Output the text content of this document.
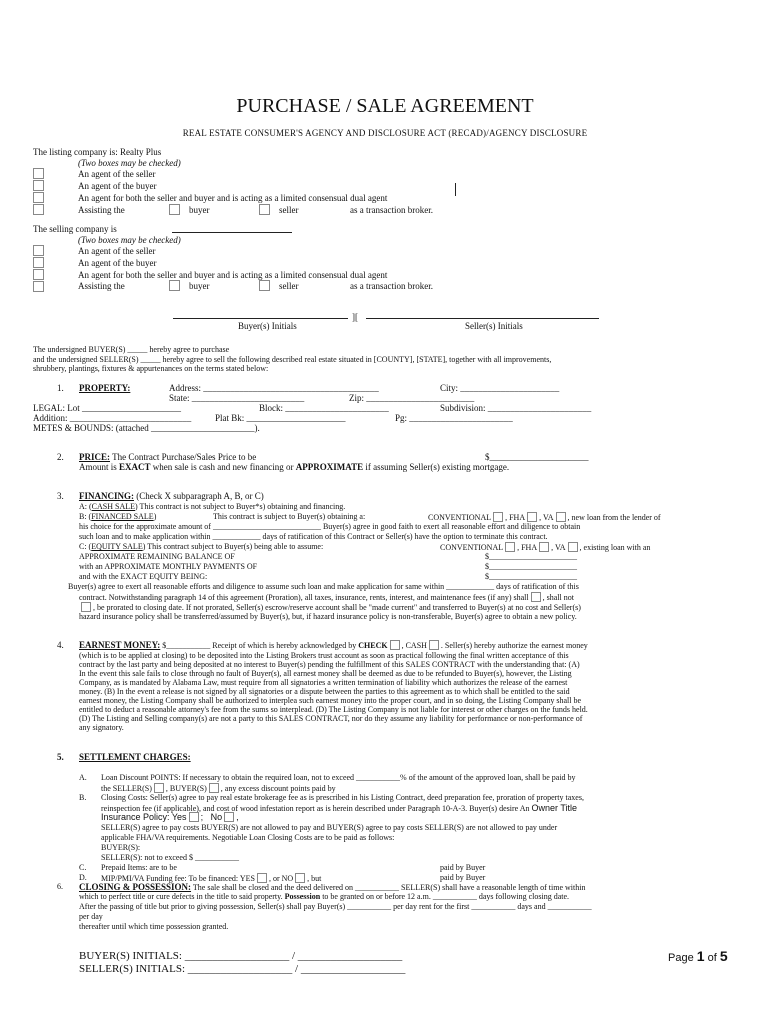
PURCHASE / SALE AGREEMENT
REAL ESTATE CONSUMER'S AGENCY AND DISCLOSURE ACT (RECAD)/AGENCY DISCLOSURE
The listing company is: Realty Plus
(Two boxes may be checked)
An agent of the seller
An agent of the buyer
An agent for both the seller and buyer and is acting as a limited consensual dual agent
Assisting the	buyer	seller	as a transaction broker.
The selling company is
(Two boxes may be checked)
An agent of the seller
An agent of the buyer
An agent for both the seller and buyer and is acting as a limited consensual dual agent
Assisting the	buyer	seller	as a transaction broker.
][
Buyer(s) Initials	Seller(s) Initials
The undersigned BUYER(S) _____ hereby agree to purchase
and the undersigned SELLER(S) _____ hereby agree to sell the following described real estate situated in [COUNTY], [STATE], together with all improvements,
shrubbery, plantings, fixtures & appurtenances on the terms stated below:
1. PROPERTY:	Address: _______________________________________	City: ______________________
State: _________________________	Zip: ________________________
LEGAL: Lot ______________________	Block: _______________________	Subdivision: _______________________
Addition: ___________________________	Plat Bk: ______________________	Pg: _______________________
METES & BOUNDS: (attached _______________________).
2. PRICE: The Contract Purchase/Sales Price to be	$______________________
Amount is EXACT when sale is cash and new financing or APPROXIMATE if assuming Seller(s) existing mortgage.
3. FINANCING: (Check X subparagraph A, B, or C)
A: (CASH SALE) This contract is not subject to Buyer*s) obtaining and financing.
B: (FINANCED SALE)	This contract is subject to Buyer(s) obtaining a:	CONVENTIONAL , FHA , VA , new loan from the lender of
his choice for the approximate amount of ___________________________ Buyer(s) agree in good faith to exert all reasonable effort and diligence to obtain
such loan and to make application within ____________ days of ratification of this Contract or Seller(s) have the option to terminate this contract.
C: (EQUITY SALE) This contract subject to Buyer(s) being able to assume:	CONVENTIONAL , FHA , VA , existing loan with an
APPROXIMATE REMAINING BALANCE OF	$______________________
with an APPROXIMATE MONTHLY PAYMENTS OF	$______________________
and with the EXACT EQUITY BEING:	$______________________
Buyer(s) agree to exert all reasonable efforts and diligence to assume such loan and make application for same within ____________ days of ratification of this
contract. Notwithstanding paragraph 14 of this agreement (Proration), all taxes, insurance, rents, interest, and maintenance fees (if any) shall , shall not
, be prorated to closing date. If not prorated, Seller(s) escrow/reserve account shall be "made current" and transferred to Buyer(s) at no cost and Seller(s)
hazard insurance policy shall be transferred/assumed by Buyer(s), but, if hazard insurance policy is non-transferable, Buyer(s) agree to obtain a new policy.
4. EARNEST MONEY: $___________ Receipt of which is hereby acknowledged by CHECK , CASH . Seller(s) hereby authorize the earnest money
(which is to be applied at closing) to be deposited into the Listing Brokers trust account as soon as practical following the final written acceptance of this
contract by the last party and being deposited at no interest to Buyer(s) pending the fulfillment of this SALES CONTRACT with the understanding that: (A)
In the event this sale fails to close through no fault of Buyer(s), all earnest money shall be deemed as due to be refunded to Buyer(s), however, the Listing
Company, as is mandated by Alabama Law, must require from all signatories a written termination of liability which authorizes the release of the earnest
money. (B) In the event a release is not signed by all signatories or a dispute between the parties to this agreement as to which shall be entitled to the said
earnest money, the Listing Company shall be authorized to interplea such earnest money into the proper court, and in so doing, the Listing Company shall be
entitled to deduct a reasonable attorney's fee from the sums so interplead. (D) The Listing Company is not liable for interest or other charges on the funds held.
(D) The Listing and Selling company(s) are not a party to this SALES CONTRACT, nor do they assume any liability for performance or non-performance of
any signatory.
5. SETTLEMENT CHARGES:
A. Loan Discount POINTS: If necessary to obtain the required loan, not to exceed ___________% of the amount of the approved loan, shall be paid by
the SELLER(S) , BUYER(S) , any excess discount points paid by
B. Closing Costs: Seller(s) agree to pay real estate brokerage fee as is prescribed in his Listing Contract, deed preparation fee, proration of property taxes,
reinspection fee (if applicable), and cost of wood infestation report as is herein described under Paragraph 10-A-3. Buyer(s) desire An Owner Title
Insurance Policy: Yes ; No ,
SELLER(S) agree to pay costs BUYER(S) are not allowed to pay and BUYER(S) agree to pay costs SELLER(S) are not allowed to pay under
applicable FHA/VA requirements. Negotiable Loan Closing Costs are to be paid as follows:
BUYER(S):
SELLER(S): not to exceed $ ___________
C. Prepaid Items: are to be	paid by Buyer
D. MIP/PMI/VA Funding fee: To be financed: YES , or NO , but	paid by Buyer
6. CLOSING & POSSESSION: The sale shall be closed and the deed delivered on ___________ SELLER(S) shall have a reasonable length of time within
which to perfect title or cure defects in the title to said property. Possession to be granted on or before 12 a.m. ___________ days following closing date.
After the passing of title but prior to giving possession, Seller(s) shall pay Buyer(s) ___________ per day rent for the first ___________ days and ___________
per day
thereafter until which time possession granted.
BUYER(S) INITIALS: ___________________ / ___________________
SELLER(S) INITIALS: ___________________ / ___________________
Page 1 of 5
